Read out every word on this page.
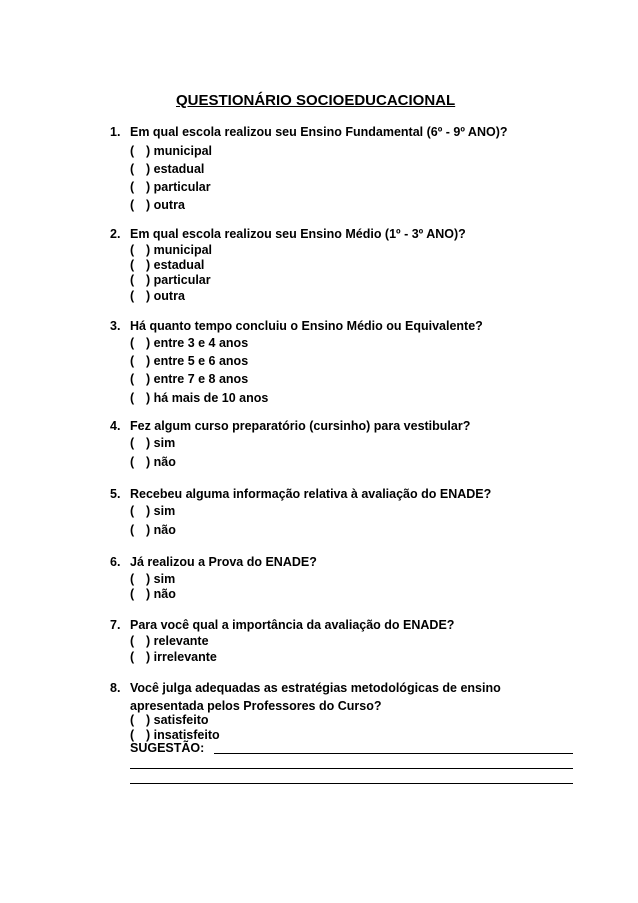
QUESTIONÁRIO SOCIOEDUCACIONAL
1. Em qual escola realizou seu Ensino Fundamental (6º - 9º ANO)?
( ) municipal
( ) estadual
( ) particular
( ) outra
2. Em qual escola realizou seu Ensino Médio (1º - 3º ANO)?
( ) municipal
( ) estadual
( ) particular
( ) outra
3. Há quanto tempo concluiu o Ensino Médio ou Equivalente?
( ) entre 3 e 4 anos
( ) entre 5 e 6 anos
( ) entre 7 e 8 anos
( ) há mais de 10 anos
4. Fez algum curso preparatório (cursinho) para vestibular?
( ) sim
( ) não
5. Recebeu alguma informação relativa à avaliação do ENADE?
( ) sim
( ) não
6. Já realizou a Prova do ENADE?
( ) sim
( ) não
7. Para você qual a importância da avaliação do ENADE?
( ) relevante
( ) irrelevante
8. Você julga adequadas as estratégias metodológicas de ensino
apresentada pelos Professores do Curso?
( ) satisfeito
( ) insatisfeito
SUGESTÃO:
